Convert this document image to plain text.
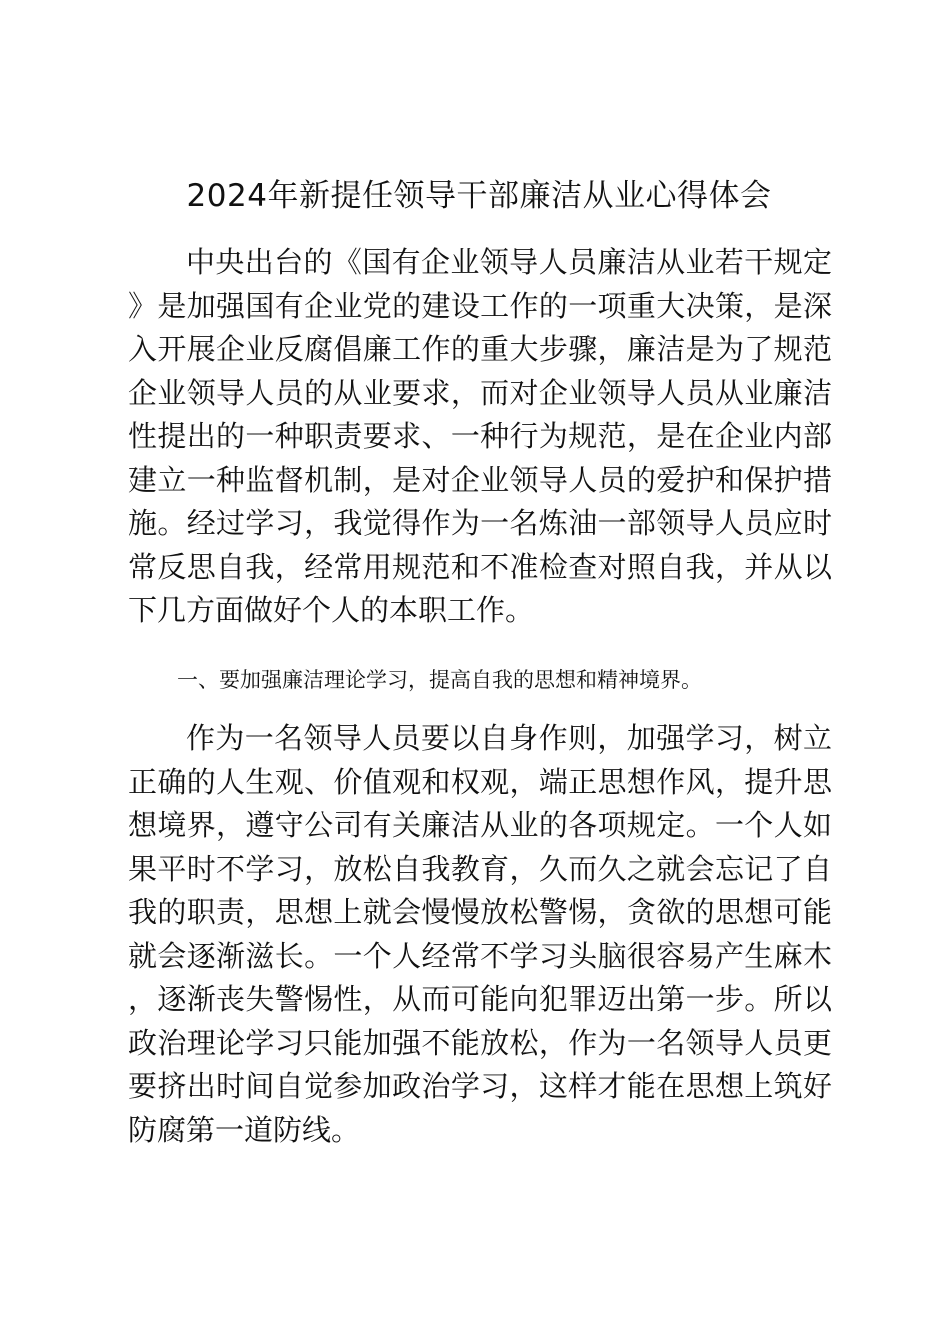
2024年新提任领导干部廉洁从业心得体会

中央出台的《国有企业领导人员廉洁从业若干规定》是加强国有企业党的建设工作的一项重大决策，是深入开展企业反腐倡廉工作的重大步骤，廉洁是为了规范企业领导人员的从业要求，而对企业领导人员从业廉洁性提出的一种职责要求、一种行为规范，是在企业内部建立一种监督机制，是对企业领导人员的爱护和保护措施。经过学习，我觉得作为一名炼油一部领导人员应时常反思自我，经常用规范和不准检查对照自我，并从以下几方面做好个人的本职工作。

一、要加强廉洁理论学习，提高自我的思想和精神境界。

作为一名领导人员要以自身作则，加强学习，树立正确的人生观、价值观和权观，端正思想作风，提升思想境界，遵守公司有关廉洁从业的各项规定。一个人如果平时不学习，放松自我教育，久而久之就会忘记了自我的职责，思想上就会慢慢放松警惕，贪欲的思想可能就会逐渐滋长。一个人经常不学习头脑很容易产生麻木，逐渐丧失警惕性，从而可能向犯罪迈出第一步。所以政治理论学习只能加强不能放松，作为一名领导人员更要挤出时间自觉参加政治学习，这样才能在思想上筑好防腐第一道防线。
